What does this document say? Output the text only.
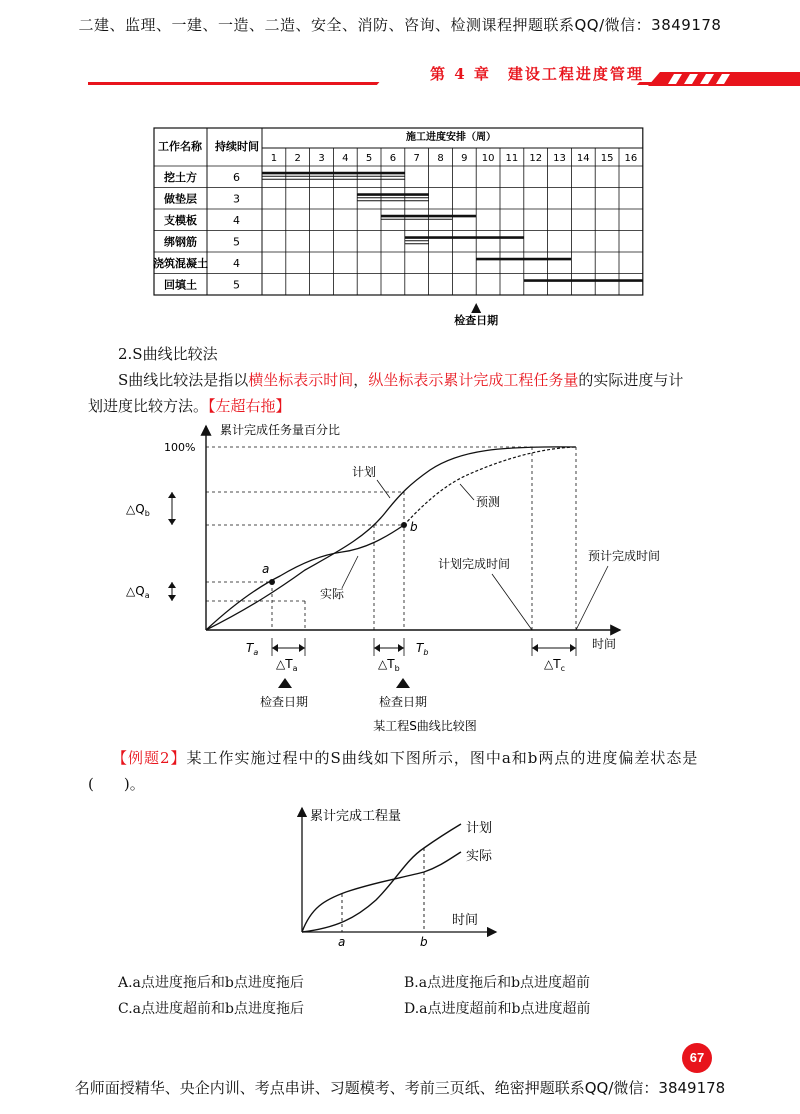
二建、监理、一建、一造、二造、安全、消防、咨询、检测课程押题联系QQ/微信：3849178
第 4 章　建设工程进度管理
工作名称 持续时间
施工进度安排（周）
1 2 3 4 5 6 7 8 9 10 11 12 13 14 15 16
挖土方	6
做垫层	3
支模板	4
绑钢筋	5
浇筑混凝土 4
回填土	5
检查日期
2.S曲线比较法
S曲线比较法是指以横坐标表示时间，纵坐标表示累计完成工程任务量的实际进度与计
划进度比较方法。【左超右拖】
累计完成任务量百分比
时间
100%
a
b
计划
实际
预测
$\triangle Q_b$
$\triangle Q_a$
$T_a$	$T_b$
$\triangle T_a$	$\triangle T_b$	$\triangle T_c$
计划完成时间
预计完成时间
检查日期	检查日期
某工程S曲线比较图
【例题2】某工作实施过程中的S曲线如下图所示，图中a和b两点的进度偏差状态是
(　　)。
累计完成工程量
时间
计划
实际
a	b
A.a点进度拖后和b点进度拖后	B.a点进度拖后和b点进度超前
C.a点进度超前和b点进度拖后	D.a点进度超前和b点进度超前
67
名师面授精华、央企内训、考点串讲、习题模考、考前三页纸、绝密押题联系QQ/微信：3849178
